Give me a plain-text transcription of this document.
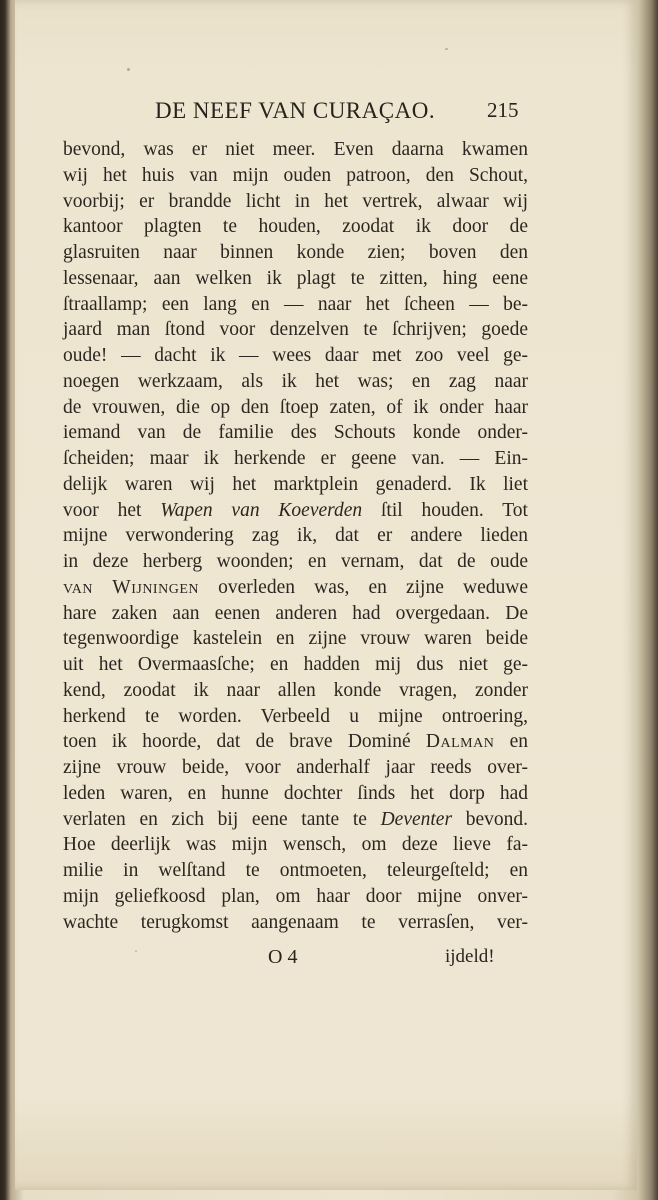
DE NEEF VAN CURAÇAO. 215
bevond, was er niet meer. Even daarna kwamen
wij het huis van mijn ouden patroon, den Schout,
voorbij; er brandde licht in het vertrek, alwaar wij
kantoor plagten te houden, zoodat ik door de
glasruiten naar binnen konde zien; boven den
lessenaar, aan welken ik plagt te zitten, hing eene
ſtraallamp; een lang en — naar het ſcheen — be-
jaard man ſtond voor denzelven te ſchrijven; goede
oude! — dacht ik — wees daar met zoo veel ge-
noegen werkzaam, als ik het was; en zag naar
de vrouwen, die op den ſtoep zaten, of ik onder haar
iemand van de familie des Schouts konde onder-
ſcheiden; maar ik herkende er geene van. — Ein-
delijk waren wij het marktplein genaderd. Ik liet
voor het Wapen van Koeverden ſtil houden. Tot
mijne verwondering zag ik, dat er andere lieden
in deze herberg woonden; en vernam, dat de oude
van Wijningen overleden was, en zijne weduwe
hare zaken aan eenen anderen had overgedaan. De
tegenwoordige kastelein en zijne vrouw waren beide
uit het Overmaasſche; en hadden mij dus niet ge-
kend, zoodat ik naar allen konde vragen, zonder
herkend te worden. Verbeeld u mijne ontroering,
toen ik hoorde, dat de brave Dominé Dalman en
zijne vrouw beide, voor anderhalf jaar reeds over-
leden waren, en hunne dochter ſinds het dorp had
verlaten en zich bij eene tante te Deventer bevond.
Hoe deerlijk was mijn wensch, om deze lieve fa-
milie in welſtand te ontmoeten, teleurgeſteld; en
mijn geliefkoosd plan, om haar door mijne onver-
wachte terugkomst aangenaam te verrasſen, ver-
O 4	ijdeld!
